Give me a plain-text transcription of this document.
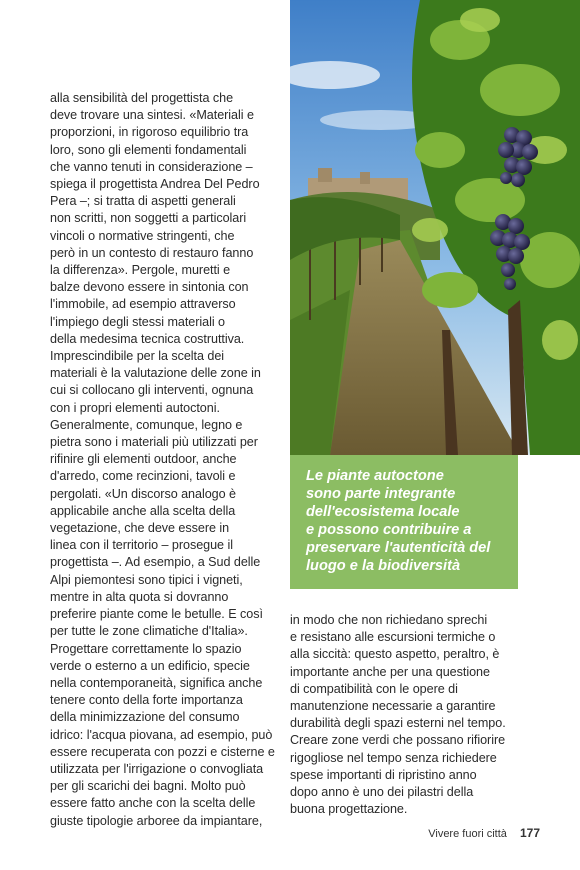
alla sensibilità del progettista che
deve trovare una sintesi. «Materiali e
proporzioni, in rigoroso equilibrio tra
loro, sono gli elementi fondamentali
che vanno tenuti in considerazione –
spiega il progettista Andrea Del Pedro
Pera –; si tratta di aspetti generali
non scritti, non soggetti a particolari
vincoli o normative stringenti, che
però in un contesto di restauro fanno
la differenza». Pergole, muretti e
balze devono essere in sintonia con
l'immobile, ad esempio attraverso
l'impiego degli stessi materiali o
della medesima tecnica costruttiva.
Imprescindibile per la scelta dei
materiali è la valutazione delle zone in
cui si collocano gli interventi, ognuna
con i propri elementi autoctoni.
Generalmente, comunque, legno e
pietra sono i materiali più utilizzati per
rifinire gli elementi outdoor, anche
d'arredo, come recinzioni, tavoli e
pergolati. «Un discorso analogo è
applicabile anche alla scelta della
vegetazione, che deve essere in
linea con il territorio – prosegue il
progettista –. Ad esempio, a Sud delle
Alpi piemontesi sono tipici i vigneti,
mentre in alta quota si dovranno
preferire piante come le betulle. E così
per tutte le zone climatiche d'Italia».
Progettare correttamente lo spazio
verde o esterno a un edificio, specie
nella contemporaneità, significa anche
tenere conto della forte importanza
della minimizzazione del consumo
idrico: l'acqua piovana, ad esempio, può
essere recuperata con pozzi e cisterne e
utilizzata per l'irrigazione o convogliata
per gli scarichi dei bagni. Molto può
essere fatto anche con la scelta delle
giuste tipologie arboree da impiantare,
in modo che non richiedano sprechi
e resistano alle escursioni termiche o
alla siccità: questo aspetto, peraltro, è
importante anche per una questione
di compatibilità con le opere di
manutenzione necessarie a garantire
durabilità degli spazi esterni nel tempo.
Creare zone verdi che possano rifiorire
rigogliose nel tempo senza richiedere
spese importanti di ripristino anno
dopo anno è uno dei pilastri della
buona progettazione.
Le piante autoctone
sono parte integrante
dell'ecosistema locale
e possono contribuire a
preservare l'autenticità del
luogo e la biodiversità
Vivere fuori città 177
